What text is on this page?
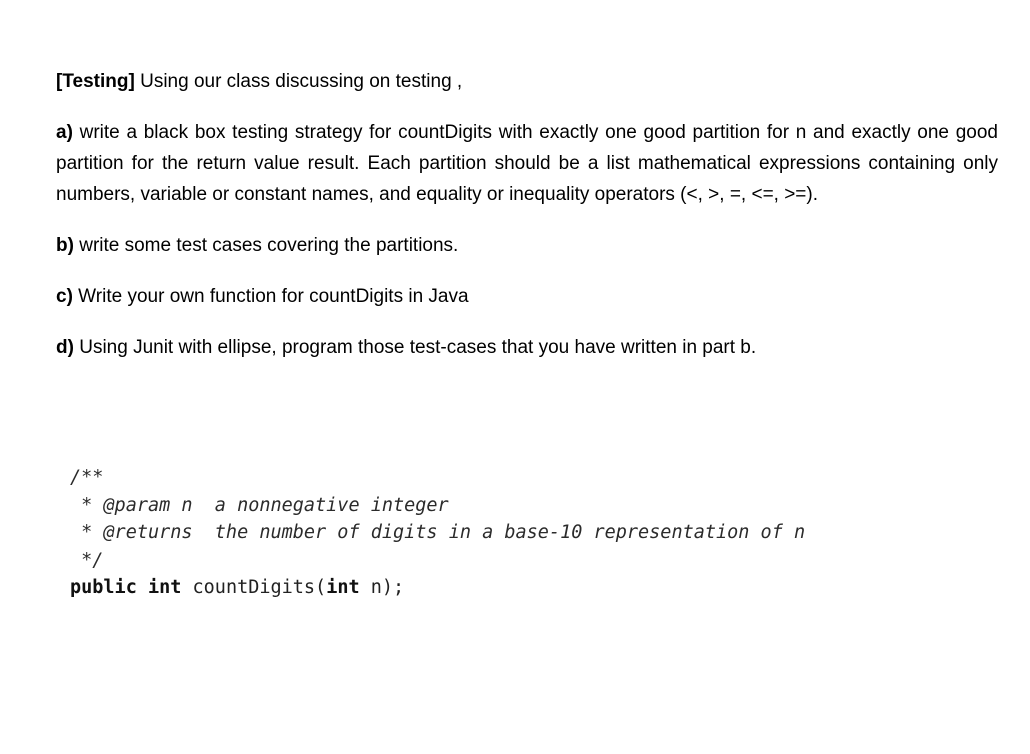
[Testing] Using our class discussing on testing ,

a) write a black box testing strategy for countDigits with exactly one good partition for n and exactly one good partition for the return value result. Each partition should be a list mathematical expressions containing only numbers, variable or constant names, and equality or inequality operators (<, >, =, <=, >=).

b) write some test cases covering the partitions.

c) Write your own function for countDigits in Java

d) Using Junit with ellipse, program those test-cases that you have written in part b.

/**
* @param n  a nonnegative integer
* @returns  the number of digits in a base-10 representation of n
*/
public int countDigits(int n);
